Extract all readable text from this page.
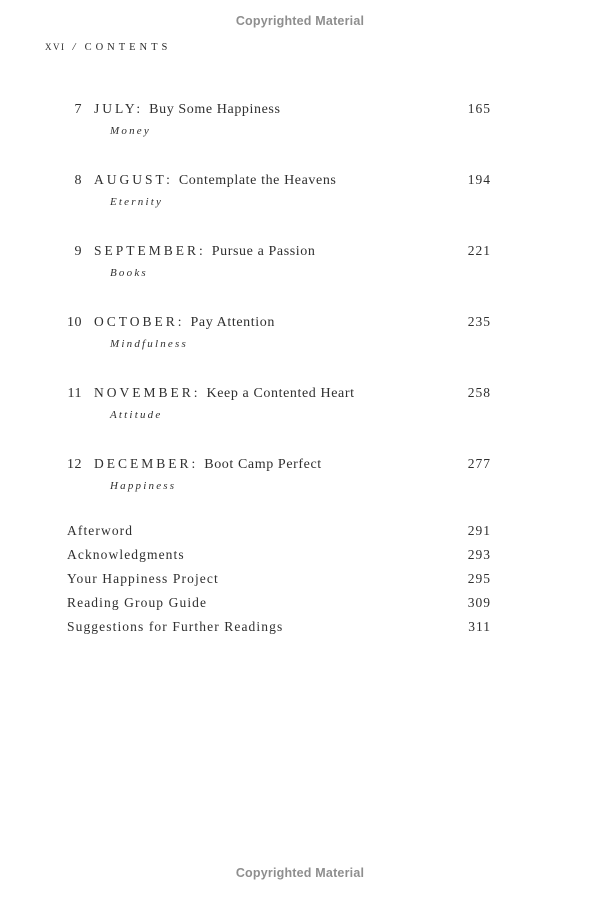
Copyrighted Material
xvi / CONTENTS
7 JULY: Buy Some Happiness	165
Money
8 AUGUST: Contemplate the Heavens	194
Eternity
9 SEPTEMBER: Pursue a Passion	221
Books
10 OCTOBER: Pay Attention	235
Mindfulness
11 NOVEMBER: Keep a Contented Heart	258
Attitude
12 DECEMBER: Boot Camp Perfect	277
Happiness
Afterword	291
Acknowledgments	293
Your Happiness Project	295
Reading Group Guide	309
Suggestions for Further Readings	311
Copyrighted Material
